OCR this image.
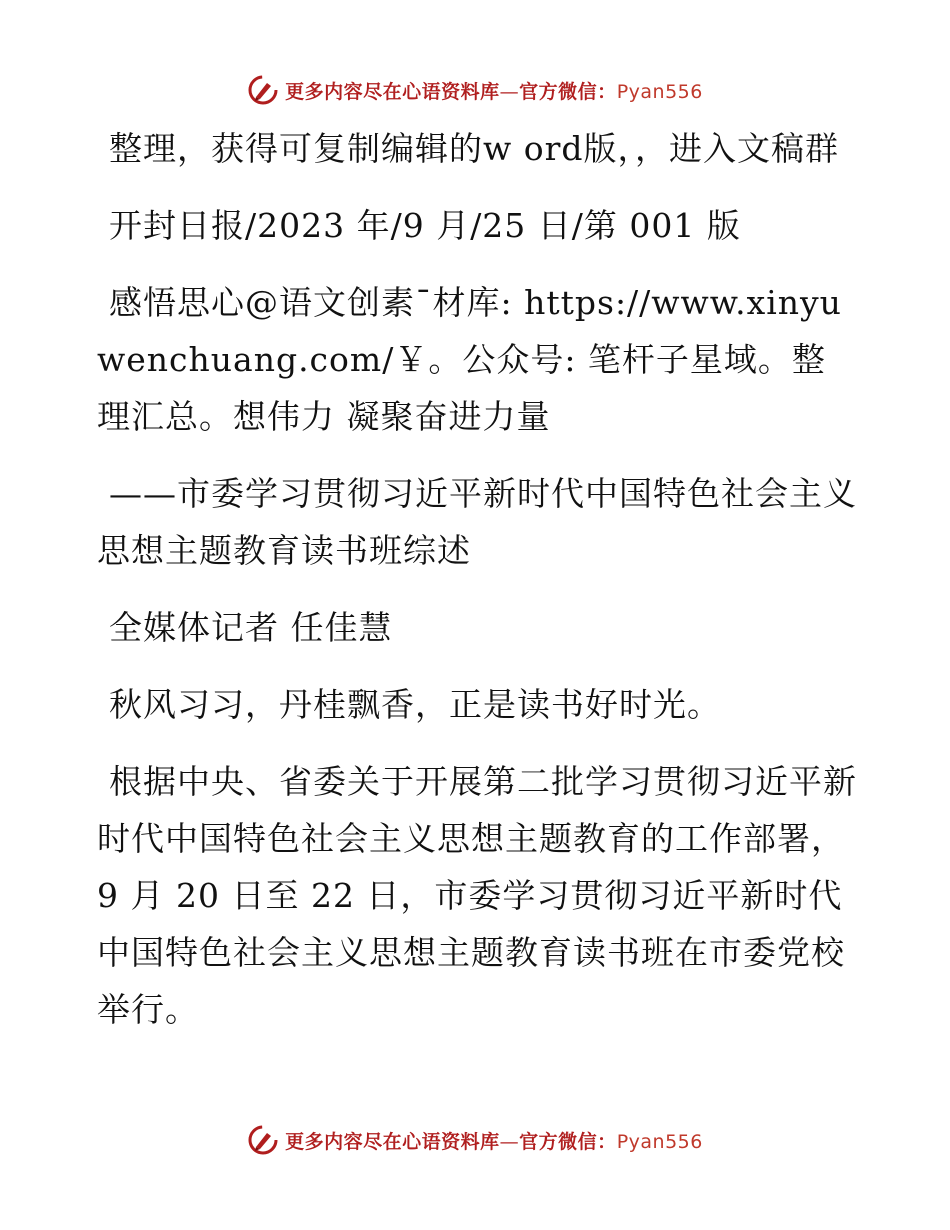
更多内容尽在心语资料库—官方微信：Pyan556

整理，获得可复制编辑的w ord版，，进入文稿群

开封日报/2023 年/9 月/25 日/第 001 版

感悟思心@语文创素¯材库: https://www.xinyuwenchuang.com/￥。公众号: 笔杆子星域。整理汇总。想伟力 凝聚奋进力量

——市委学习贯彻习近平新时代中国特色社会主义思想主题教育读书班综述

全媒体记者 任佳慧

秋风习习，丹桂飘香，正是读书好时光。

根据中央、省委关于开展第二批学习贯彻习近平新时代中国特色社会主义思想主题教育的工作部署，9 月 20 日至 22 日，市委学习贯彻习近平新时代中国特色社会主义思想主题教育读书班在市委党校举行。

更多内容尽在心语资料库—官方微信：Pyan556
